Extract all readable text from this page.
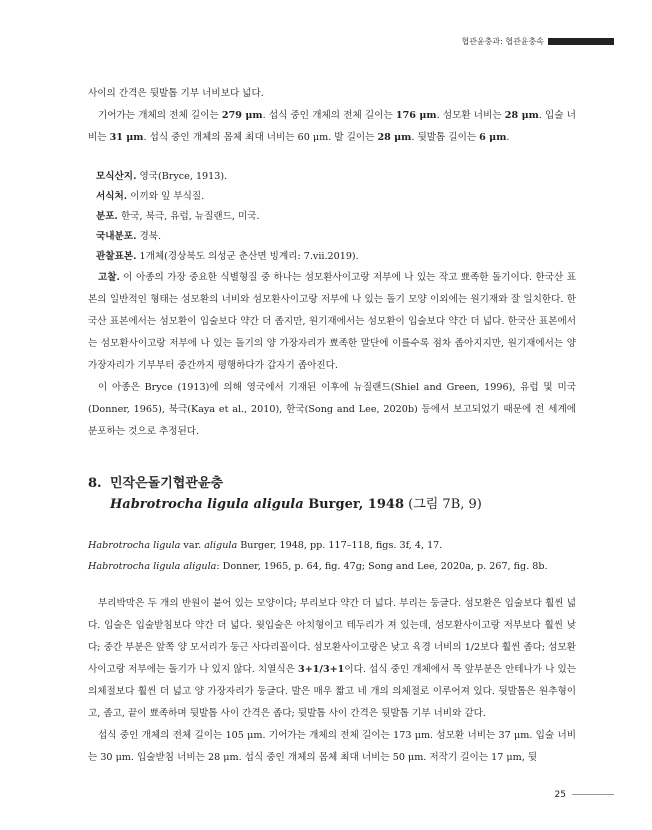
협관윤충과: 협관윤충속

사이의 간격은 뒷발톱 기부 너비보다 넓다.

기어가는 개체의 전체 길이는 279 μm. 섭식 중인 개체의 전체 길이는 176 μm. 섬모환 너비는 28 μm. 입술 너비는 31 μm. 섭식 중인 개체의 몸체 최대 너비는 60 μm. 발 길이는 28 μm. 뒷발톱 길이는 6 μm.

모식산지. 영국(Bryce, 1913).

서식처. 이끼와 잎 부식질.

분포. 한국, 북극, 유럽, 뉴질랜드, 미국.

국내분포. 경북.

관찰표본. 1개체(경상북도 의성군 춘산면 빙계리: 7.vii.2019).

고찰. 이 아종의 가장 중요한 식별형질 중 하나는 섬모환사이고랑 저부에 나 있는 작고 뾰족한 돌기이다. 한국산 표본의 일반적인 형태는 섬모환의 너비와 섬모환사이고랑 저부에 나 있는 돌기 모양 이외에는 원기재와 잘 일치한다. 한국산 표본에서는 섬모환이 입술보다 약간 더 좁지만, 원기재에서는 섬모환이 입술보다 약간 더 넓다. 한국산 표본에서는 섬모환사이고랑 저부에 나 있는 돌기의 양 가장자리가 뾰족한 말단에 이를수록 점차 좁아지지만, 원기재에서는 양 가장자리가 기부부터 중간까지 평행하다가 갑자기 좁아진다.

이 아종은 Bryce (1913)에 의해 영국에서 기재된 이후에 뉴질랜드(Shiel and Green, 1996), 유럽 및 미국(Donner, 1965), 북극(Kaya et al., 2010), 한국(Song and Lee, 2020b) 등에서 보고되었기 때문에 전 세계에 분포하는 것으로 추정된다.

8. 민작은돌기협관윤충
Habrotrocha ligula aligula Burger, 1948 (그림 7B, 9)

Habrotrocha ligula var. aligula Burger, 1948, pp. 117–118, figs. 3f, 4, 17.

Habrotrocha ligula aligula: Donner, 1965, p. 64, fig. 47g; Song and Lee, 2020a, p. 267, fig. 8b.

부리박막은 두 개의 반원이 붙어 있는 모양이다; 부리보다 약간 더 넓다. 부리는 둥글다. 섬모환은 입술보다 훨씬 넓다. 입술은 입술받침보다 약간 더 넓다. 윗입술은 아치형이고 테두리가 져 있는데, 섬모환사이고랑 저부보다 훨씬 낮다; 중간 부분은 앞쪽 양 모서리가 둥근 사다리꼴이다. 섬모환사이고랑은 낮고 육경 너비의 1/2보다 훨씬 좁다; 섬모환사이고랑 저부에는 돌기가 나 있지 않다. 치열식은 3+1/3+1이다. 섭식 중인 개체에서 목 앞부분은 안테나가 나 있는 의체절보다 훨씬 더 넓고 양 가장자리가 둥글다. 발은 매우 짧고 네 개의 의체절로 이루어져 있다. 뒷발톱은 원추형이고, 좁고, 끝이 뾰족하며 뒷발톱 사이 간격은 좁다; 뒷발톱 사이 간격은 뒷발톱 기부 너비와 같다.

섭식 중인 개체의 전체 길이는 105 μm. 기어가는 개체의 전체 길이는 173 μm. 섬모환 너비는 37 μm. 입술 너비는 30 μm. 입술받침 너비는 28 μm. 섭식 중인 개체의 몸체 최대 너비는 50 μm. 저작기 길이는 17 μm, 뒷

25
